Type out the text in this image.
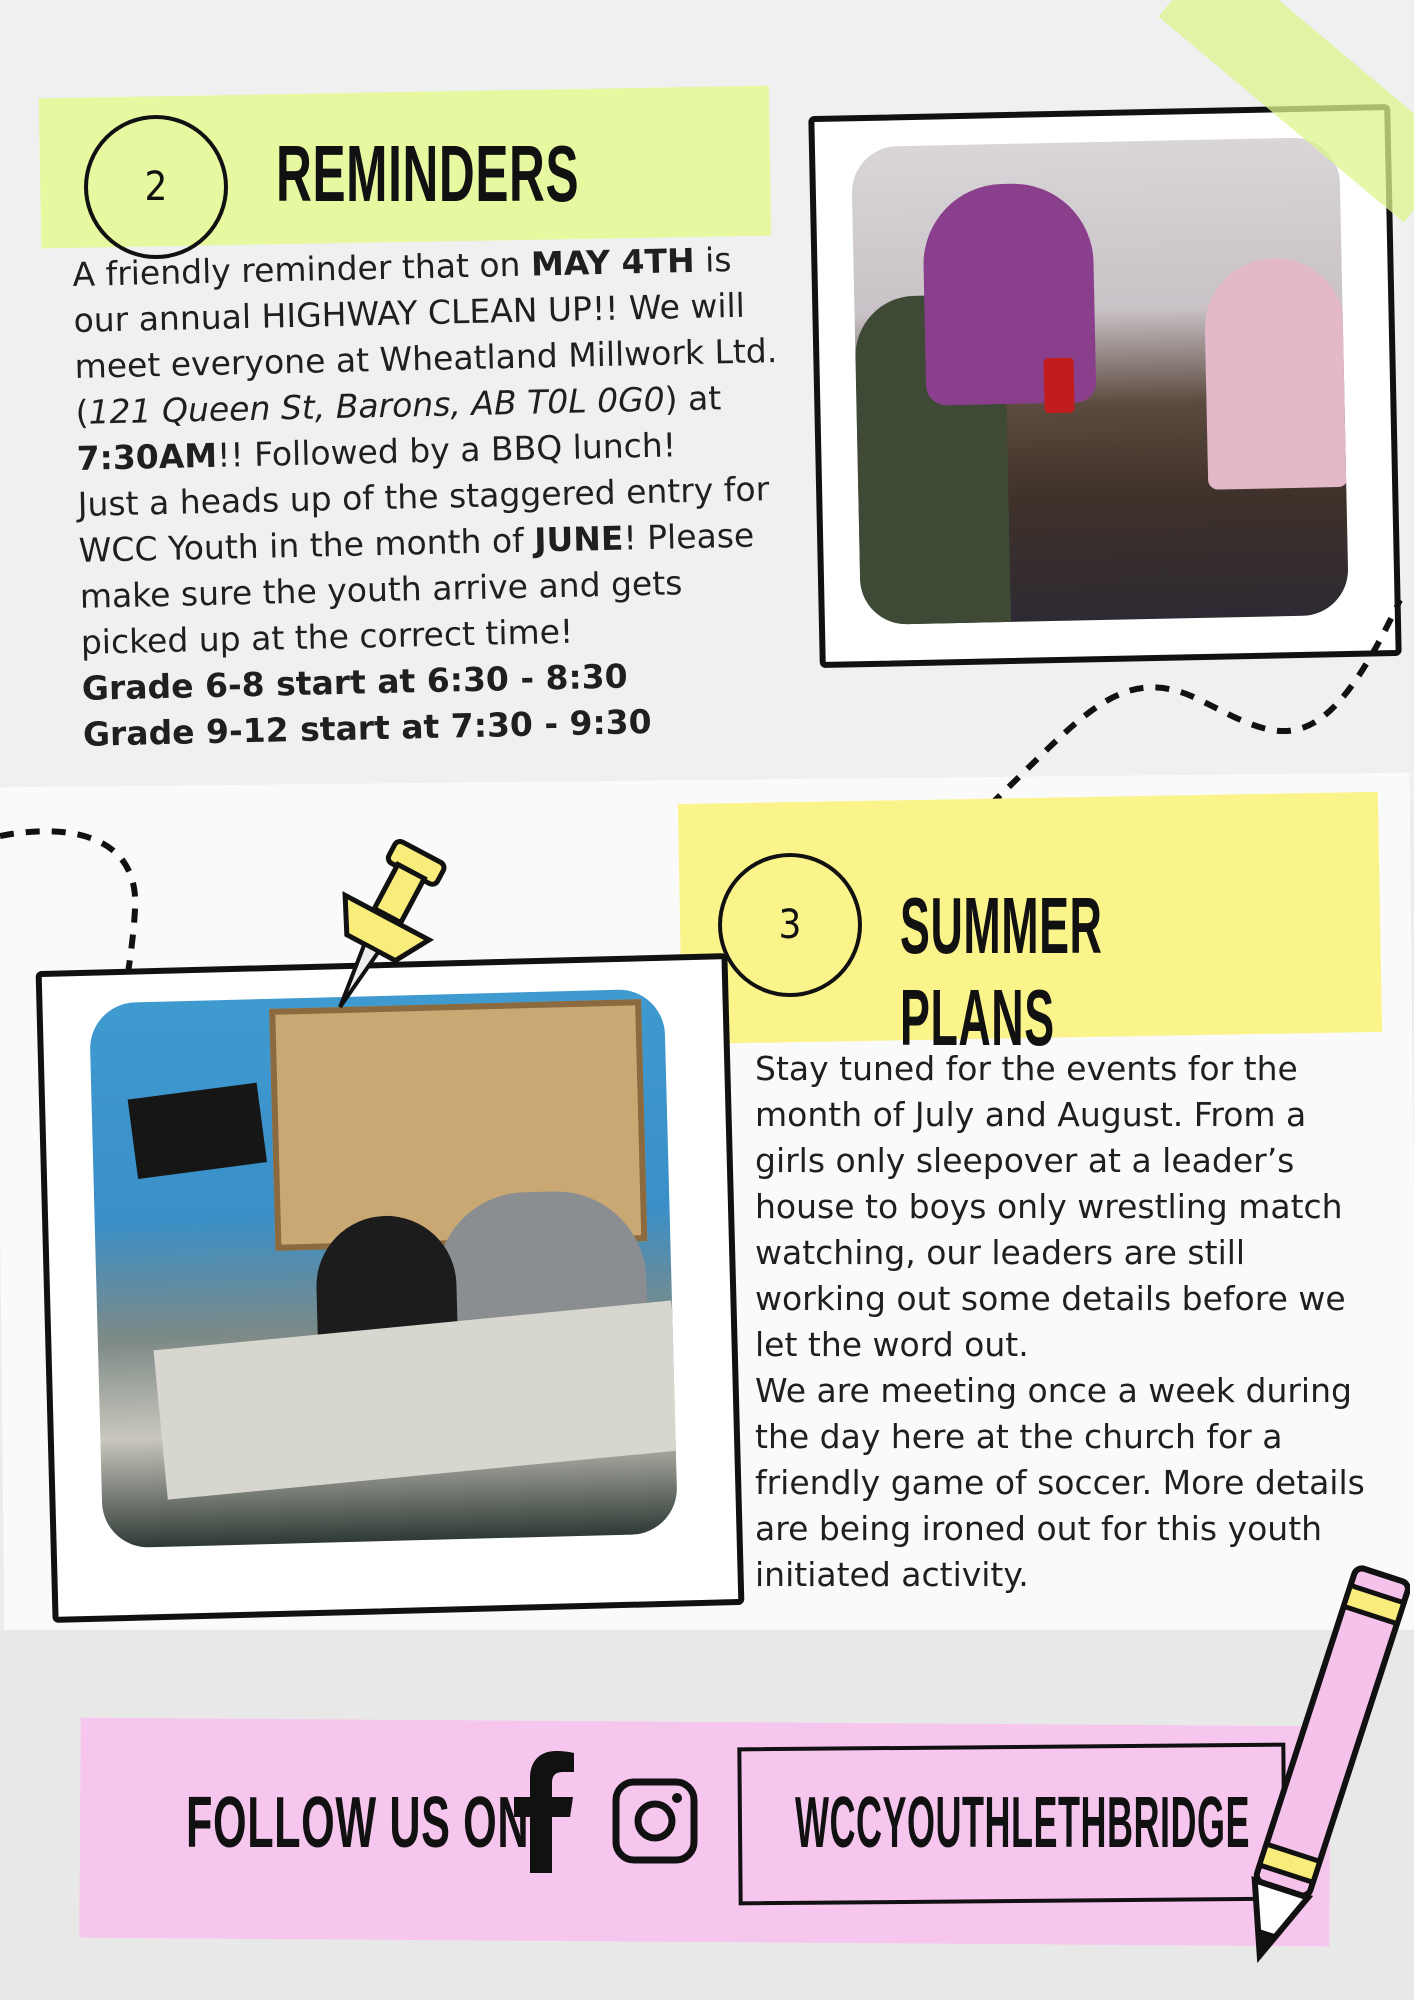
2	REMINDERS
A friendly reminder that on MAY 4TH is our annual HIGHWAY CLEAN UP!! We will meet everyone at Wheatland Millwork Ltd. (121 Queen St, Barons, AB T0L 0G0) at 7:30AM!! Followed by a BBQ lunch!
Just a heads up of the staggered entry for WCC Youth in the month of JUNE! Please make sure the youth arrive and gets picked up at the correct time!
Grade 6-8 start at 6:30 - 8:30
Grade 9-12 start at 7:30 - 9:30
3	SUMMER PLANS
Stay tuned for the events for the month of July and August. From a girls only sleepover at a leader’s house to boys only wrestling match watching, our leaders are still working out some details before we let the word out.
We are meeting once a week during the day here at the church for a friendly game of soccer. More details are being ironed out for this youth initiated activity.
FOLLOW US ON	WCCYOUTHLETHBRIDGE
